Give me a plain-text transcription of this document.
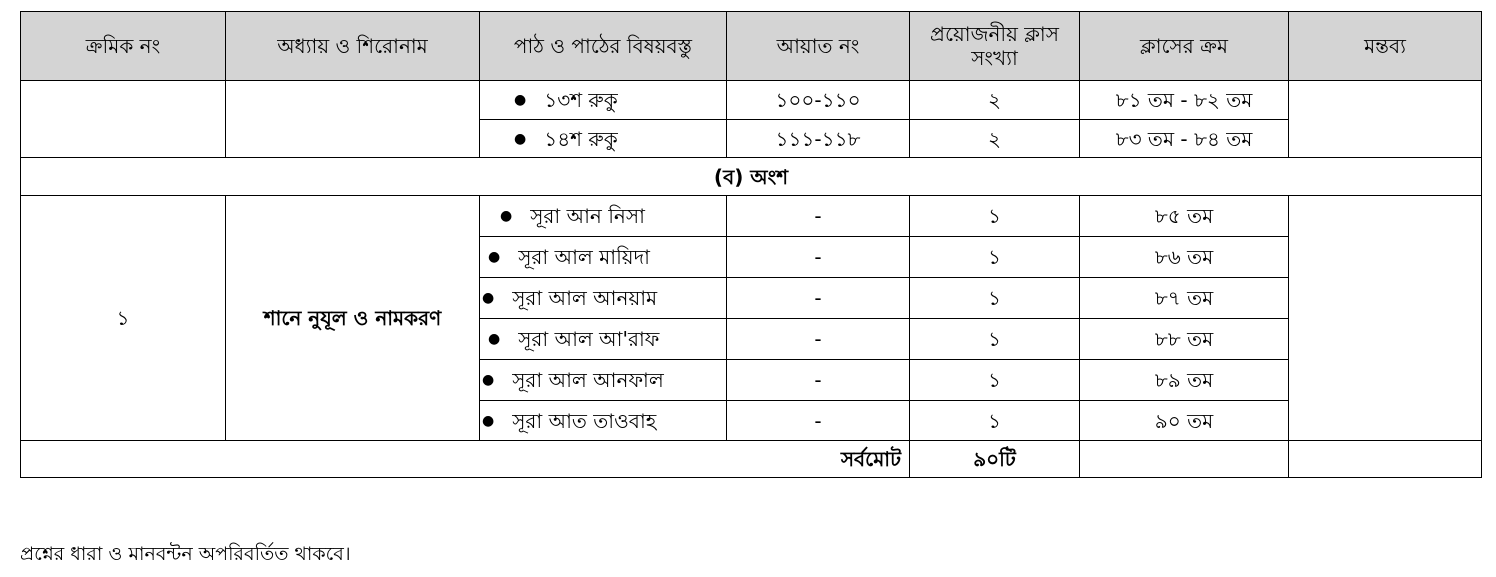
ক্রমিক নং	অধ্যায় ও শিরোনাম	পাঠ ও পাঠের বিষয়বস্তু	আয়াত নং	প্রয়োজনীয় ক্লাস সংখ্যা	ক্লাসের ক্রম	মন্তব্য

		● ১৩শ রুকু	১০০-১১০	২	৮১ তম - ৮২ তম	

		● ১৪শ রুকু	১১১-১১৮	২	৮৩ তম - ৮৪ তম	
(ব) অংশ						
১	শানে নুযূল ও নামকরণ	● সূরা আন নিসা	-	১	৮৫ তম	

		● সূরা আল মায়িদা	-	১	৮৬ তম	

		● সূরা আল আনয়াম	-	১	৮৭ তম	

		● সূরা আল আ'রাফ	-	১	৮৮ তম	

		● সূরা আল আনফাল	-	১	৮৯ তম	

		● সূরা আত তাওবাহ	-	১	৯০ তম	
সর্বমোট				৯০টি		
প্রশ্নের ধারা ও মানবন্টন অপরিবর্তিত থাকবে।
